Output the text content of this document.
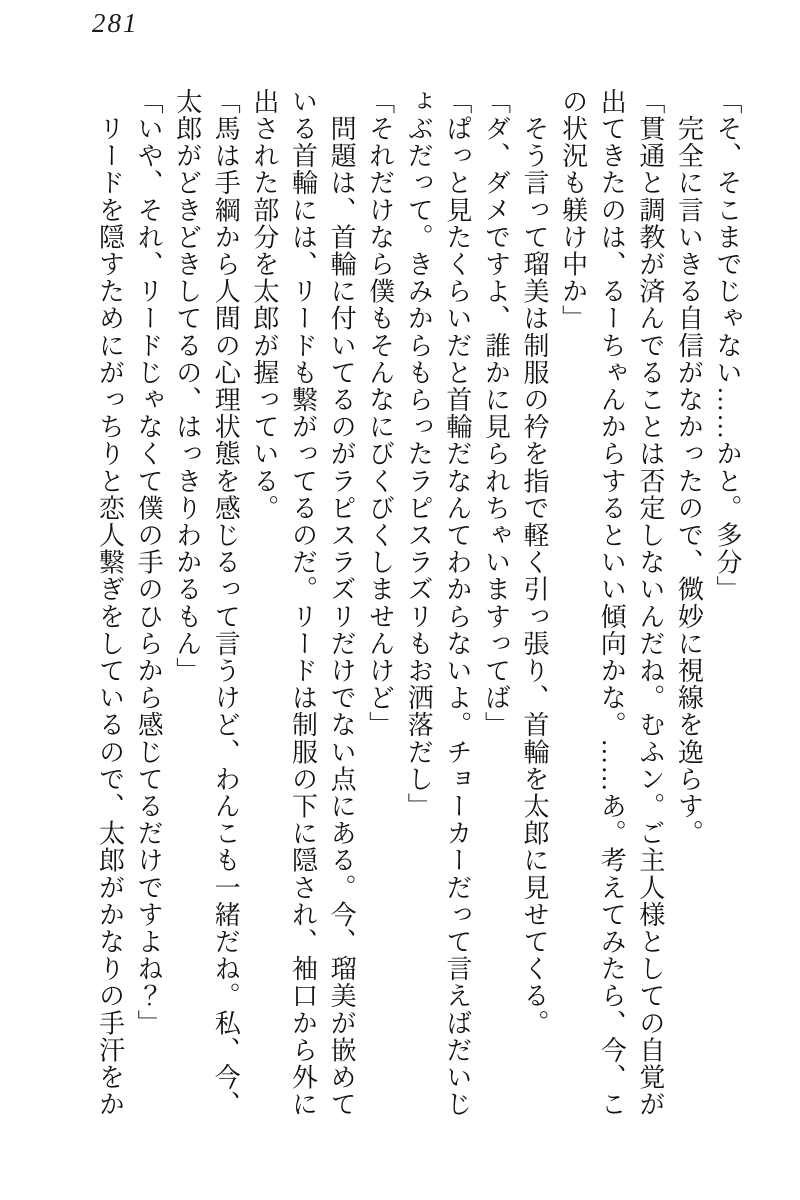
281
「そ、そこまでじゃない……かと。多分」
　完全に言いきる自信がなかったので、微妙に視線を逸らす。
「貫通と調教が済んでることは否定しないんだね。むふン。ご主人様としての自覚が
出てきたのは、るーちゃんからするといい傾向かな。……あ。考えてみたら、今、こ
の状況も躾け中か」
　そう言って瑠美は制服の衿を指で軽く引っ張り、首輪を太郎に見せてくる。
「ダ、ダメですよ、誰かに見られちゃいますってば」
「ぱっと見たくらいだと首輪だなんてわからないよ。チョーカーだって言えばだいじ
ょぶだって。きみからもらったラピスラズリもお洒落だし」
「それだけなら僕もそんなにびくびくしませんけど」
　問題は、首輪に付いてるのがラピスラズリだけでない点にある。今、瑠美が嵌めて
いる首輪には、リードも繋がってるのだ。リードは制服の下に隠され、袖口から外に
出された部分を太郎が握っている。
「馬は手綱から人間の心理状態を感じるって言うけど、わんこも一緒だね。私、今、
太郎がどきどきしてるの、はっきりわかるもん」
「いや、それ、リードじゃなくて僕の手のひらから感じてるだけですよね？」
　リードを隠すためにがっちりと恋人繋ぎをしているので、太郎がかなりの手汗をか
